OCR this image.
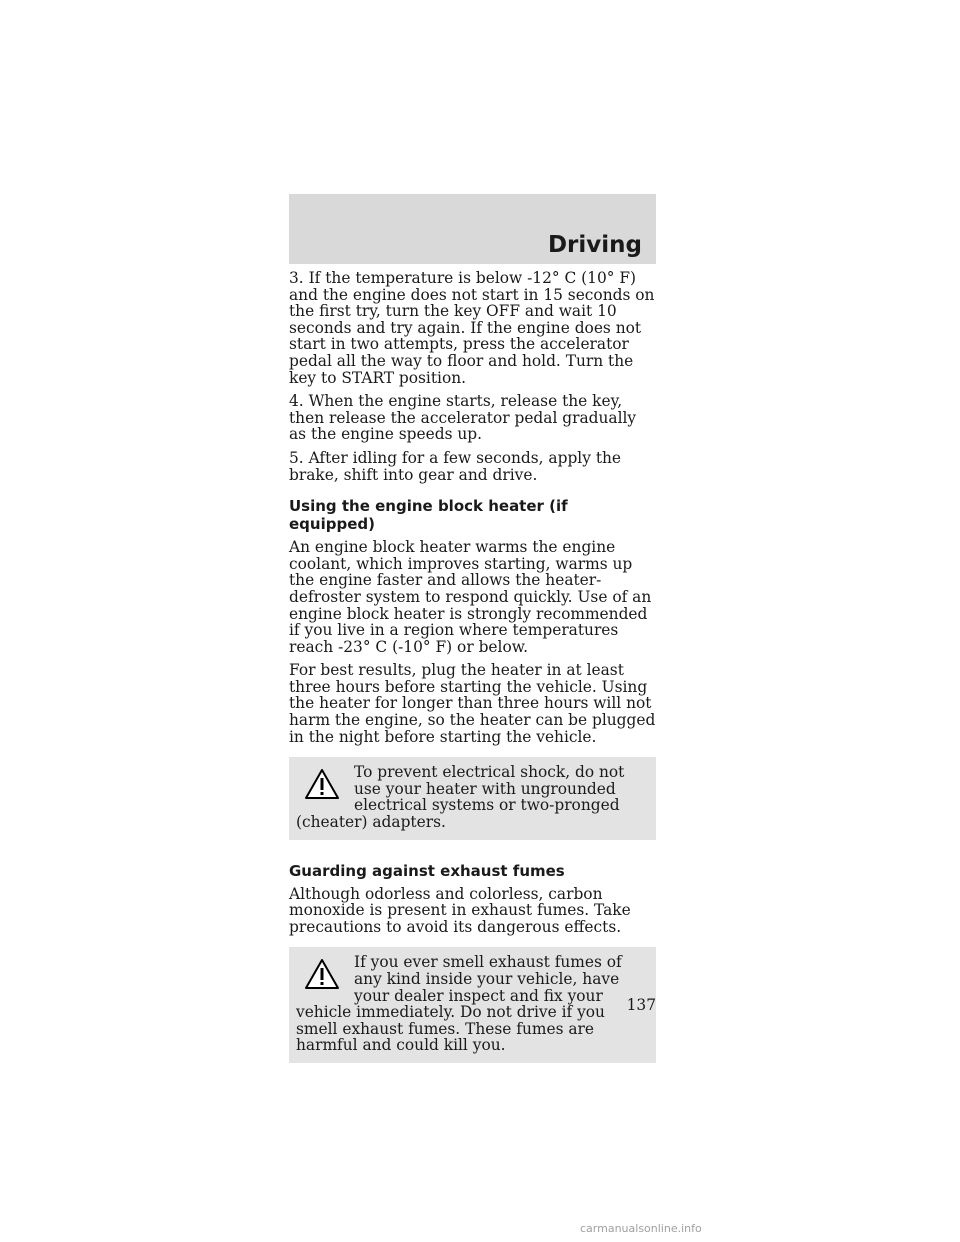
Driving

3. If the temperature is below -12° C (10° F) and the engine does not start in 15 seconds on the first try, turn the key OFF and wait 10 seconds and try again. If the engine does not start in two attempts, press the accelerator pedal all the way to floor and hold. Turn the key to START position.

4. When the engine starts, release the key, then release the accelerator pedal gradually as the engine speeds up.

5. After idling for a few seconds, apply the brake, shift into gear and drive.

Using the engine block heater (if equipped)

An engine block heater warms the engine coolant, which improves starting, warms up the engine faster and allows the heater-defroster system to respond quickly. Use of an engine block heater is strongly recommended if you live in a region where temperatures reach -23° C (-10° F) or below.

For best results, plug the heater in at least three hours before starting the vehicle. Using the heater for longer than three hours will not harm the engine, so the heater can be plugged in the night before starting the vehicle.

To prevent electrical shock, do not use your heater with ungrounded electrical systems or two-pronged (cheater) adapters.

Guarding against exhaust fumes

Although odorless and colorless, carbon monoxide is present in exhaust fumes. Take precautions to avoid its dangerous effects.

If you ever smell exhaust fumes of any kind inside your vehicle, have your dealer inspect and fix your vehicle immediately. Do not drive if you smell exhaust fumes. These fumes are harmful and could kill you.

137
carmanualsonline.info
